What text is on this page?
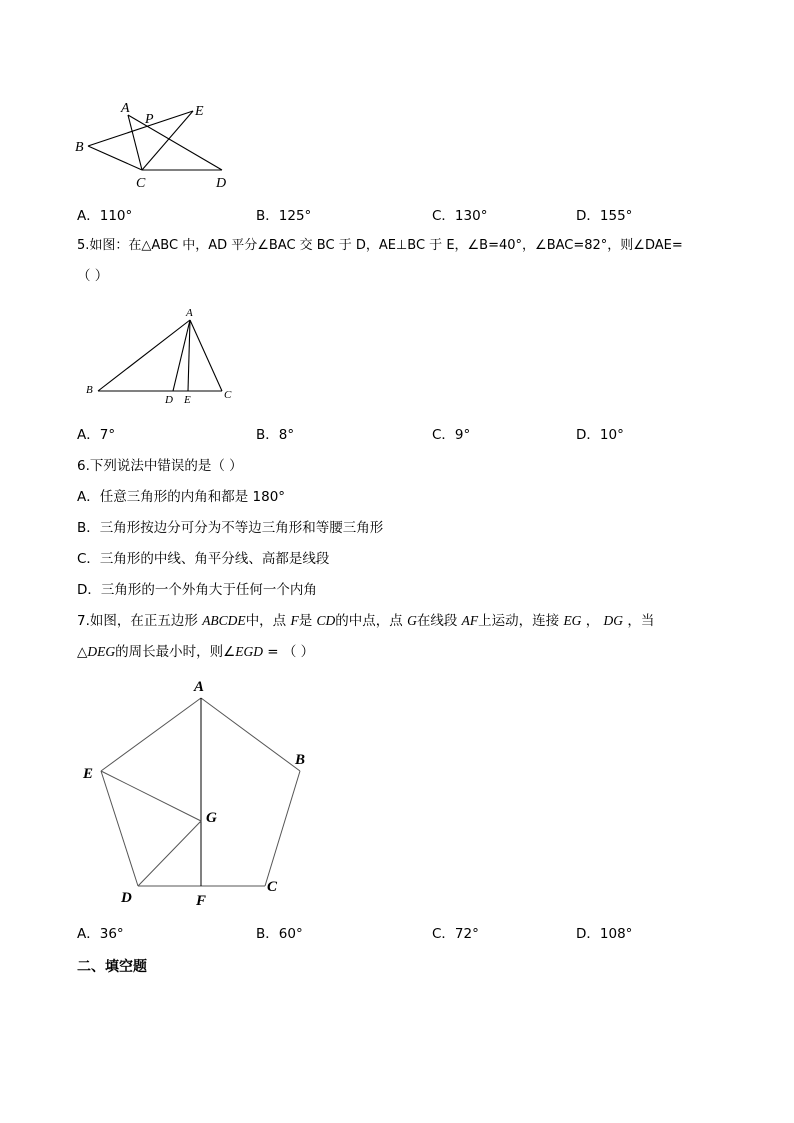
A
P
E
B
C	D
A．110°	B．125°	C．130°	D．155°
5.如图：在△ABC 中，AD 平分∠BAC 交 BC 于 D，AE⊥BC 于 E，∠B=40°，∠BAC=82°，则∠DAE=
（ ）
A
B
D E	C
A．7°	B．8°	C．9°	D．10°
6.下列说法中错误的是（ ）
A．任意三角形的内角和都是 180°
B．三角形按边分可分为不等边三角形和等腰三角形
C．三角形的中线、角平分线、高都是线段
D．三角形的一个外角大于任何一个内角
7.如图，在正五边形 ABCDE中，点 F是 CD的中点，点 G在线段 AF上运动，连接 EG ， DG ，当
△DEG的周长最小时，则∠EGD = （ ）
A
B
E
G
D	F
C
A．36°	B．60°	C．72°	D．108°
二、填空题
